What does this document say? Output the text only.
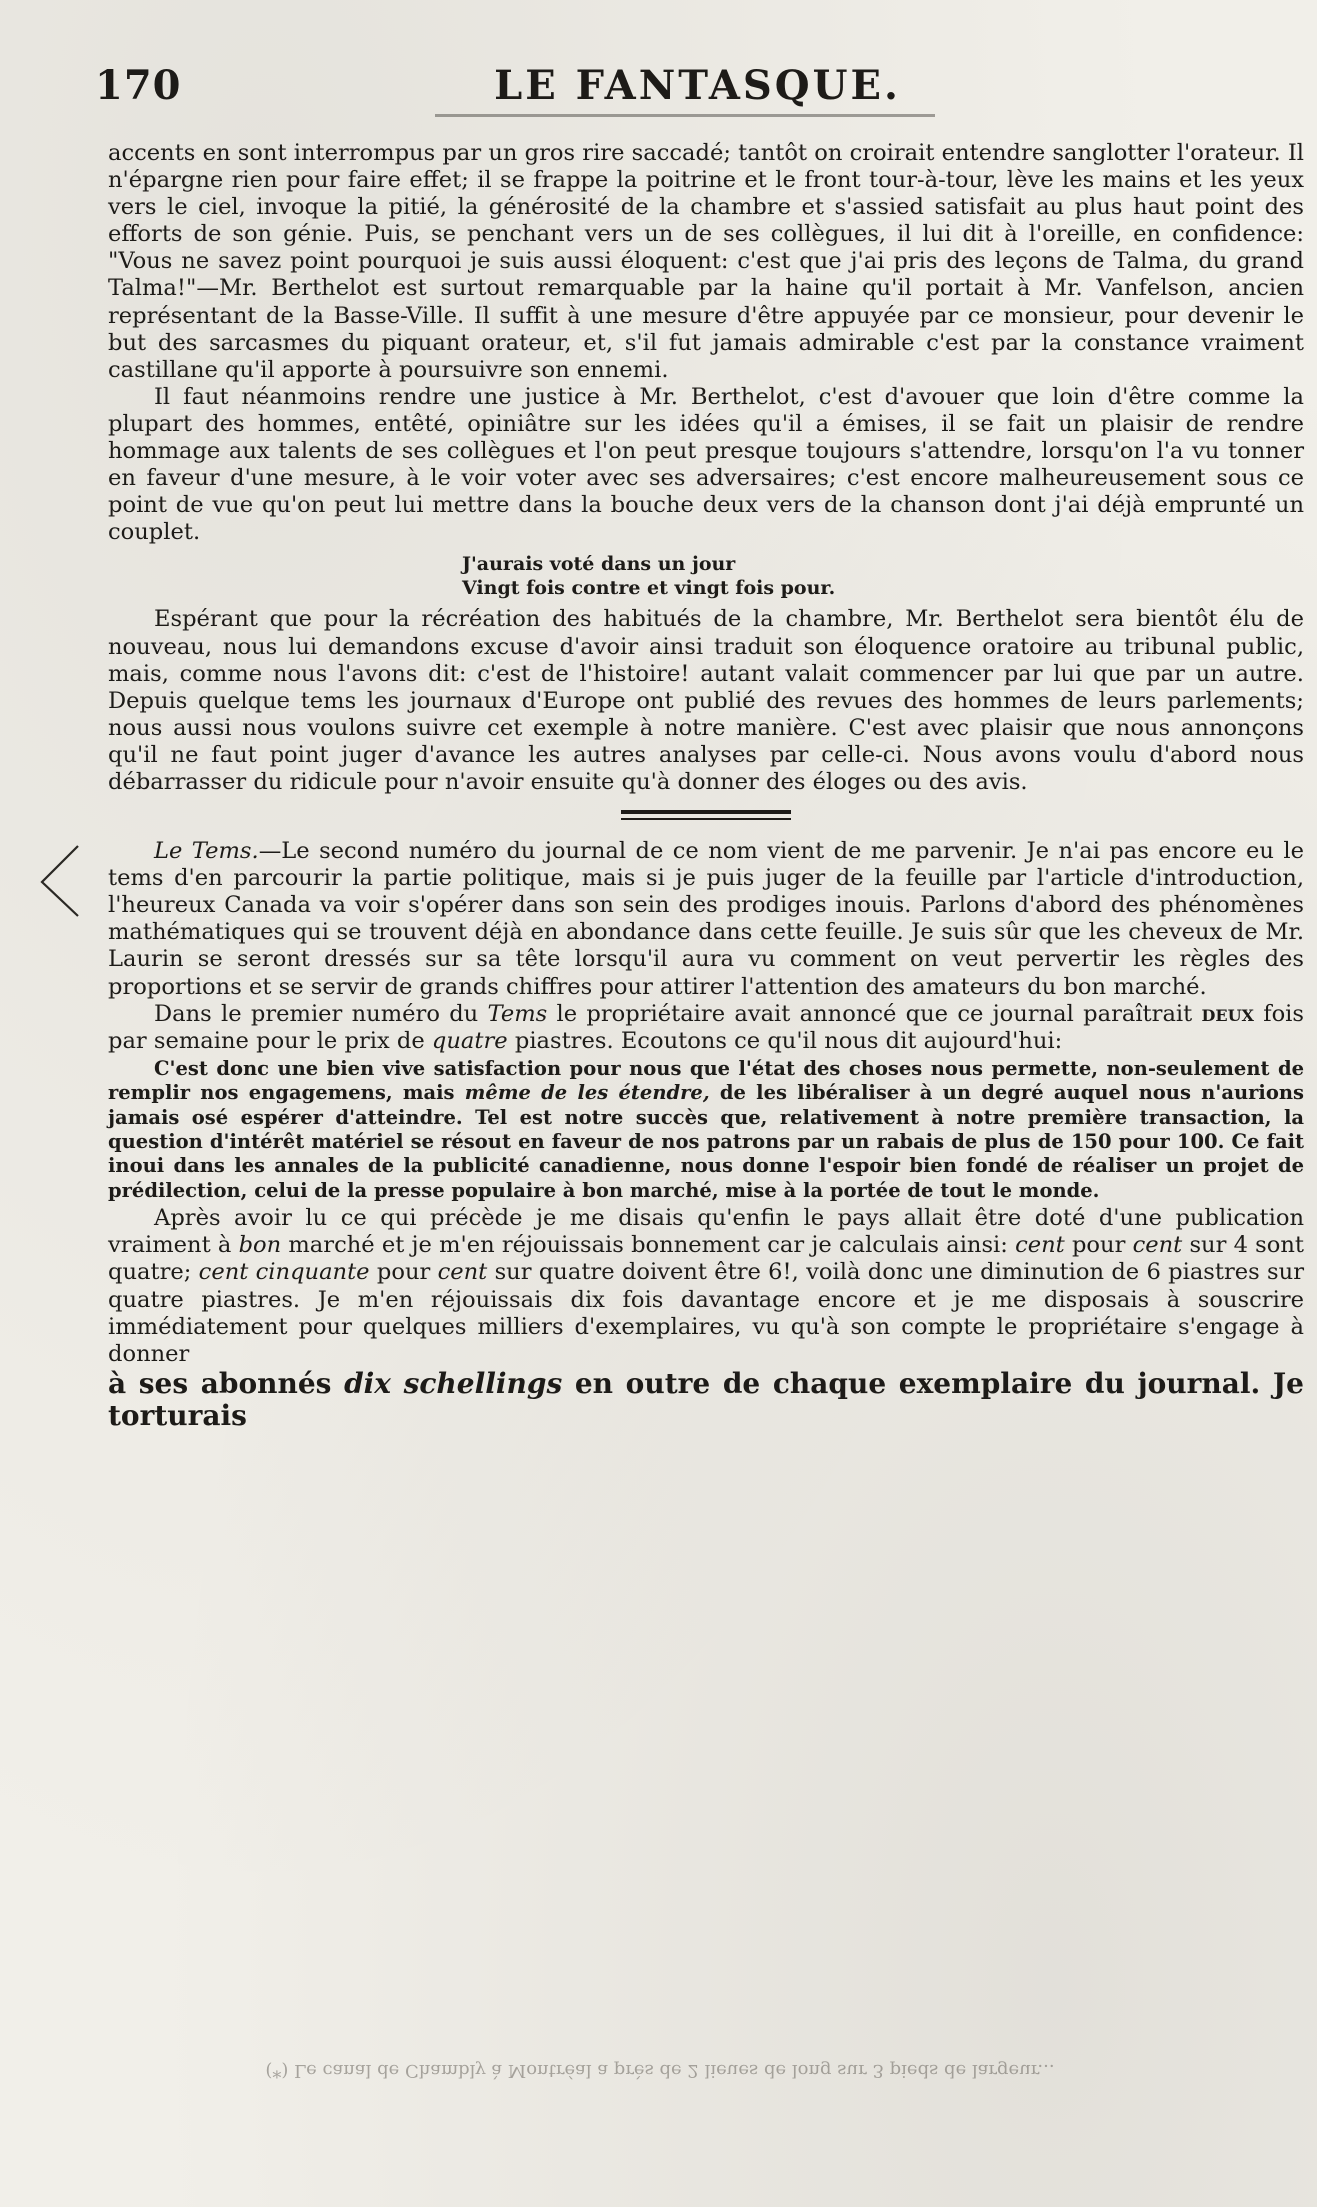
170	LE FANTASQUE.

accents en sont interrompus par un gros rire saccadé; tantôt on croirait entendre sanglotter l'orateur. Il n'épargne rien pour faire effet; il se frappe la poitrine et le front tour-à-tour, lève les mains et les yeux vers le ciel, invoque la pitié, la générosité de la chambre et s'assied satisfait au plus haut point des efforts de son génie. Puis, se penchant vers un de ses collègues, il lui dit à l'oreille, en confidence: "Vous ne savez point pourquoi je suis aussi éloquent: c'est que j'ai pris des leçons de Talma, du grand Talma!"—Mr. Berthelot est surtout remarquable par la haine qu'il portait à Mr. Vanfelson, ancien représentant de la Basse-Ville. Il suffit à une mesure d'être appuyée par ce monsieur, pour devenir le but des sarcasmes du piquant orateur, et, s'il fut jamais admirable c'est par la constance vraiment castillane qu'il apporte à poursuivre son ennemi.

Il faut néanmoins rendre une justice à Mr. Berthelot, c'est d'avouer que loin d'être comme la plupart des hommes, entêté, opiniâtre sur les idées qu'il a émises, il se fait un plaisir de rendre hommage aux talents de ses collègues et l'on peut presque toujours s'attendre, lorsqu'on l'a vu tonner en faveur d'une mesure, à le voir voter avec ses adversaires; c'est encore malheureusement sous ce point de vue qu'on peut lui mettre dans la bouche deux vers de la chanson dont j'ai déjà emprunté un couplet.

J'aurais voté dans un jour
Vingt fois contre et vingt fois pour.

Espérant que pour la récréation des habitués de la chambre, Mr. Berthelot sera bientôt élu de nouveau, nous lui demandons excuse d'avoir ainsi traduit son éloquence oratoire au tribunal public, mais, comme nous l'avons dit: c'est de l'histoire! autant valait commencer par lui que par un autre. Depuis quelque tems les journaux d'Europe ont publié des revues des hommes de leurs parlements; nous aussi nous voulons suivre cet exemple à notre manière. C'est avec plaisir que nous annonçons qu'il ne faut point juger d'avance les autres analyses par celle-ci. Nous avons voulu d'abord nous débarrasser du ridicule pour n'avoir ensuite qu'à donner des éloges ou des avis.

Le Tems.—Le second numéro du journal de ce nom vient de me parvenir. Je n'ai pas encore eu le tems d'en parcourir la partie politique, mais si je puis juger de la feuille par l'article d'introduction, l'heureux Canada va voir s'opérer dans son sein des prodiges inouis. Parlons d'abord des phénomènes mathématiques qui se trouvent déjà en abondance dans cette feuille. Je suis sûr que les cheveux de Mr. Laurin se seront dressés sur sa tête lorsqu'il aura vu comment on veut pervertir les règles des proportions et se servir de grands chiffres pour attirer l'attention des amateurs du bon marché.

Dans le premier numéro du Tems le propriétaire avait annoncé que ce journal paraîtrait deux fois par semaine pour le prix de quatre piastres. Ecoutons ce qu'il nous dit aujourd'hui:

C'est donc une bien vive satisfaction pour nous que l'état des choses nous permette, non-seulement de remplir nos engagemens, mais même de les étendre, de les libéraliser à un degré auquel nous n'aurions jamais osé espérer d'atteindre. Tel est notre succès que, relativement à notre première transaction, la question d'intérêt matériel se résout en faveur de nos patrons par un rabais de plus de 150 pour 100. Ce fait inoui dans les annales de la publicité canadienne, nous donne l'espoir bien fondé de réaliser un projet de prédilection, celui de la presse populaire à bon marché, mise à la portée de tout le monde.

Après avoir lu ce qui précède je me disais qu'enfin le pays allait être doté d'une publication vraiment à bon marché et je m'en réjouissais bonnement car je calculais ainsi: cent pour cent sur 4 sont quatre; cent cinquante pour cent sur quatre doivent être 6!, voilà donc une diminution de 6 piastres sur quatre piastres. Je m'en réjouissais dix fois davantage encore et je me disposais à souscrire immédiatement pour quelques milliers d'exemplaires, vu qu'à son compte le propriétaire s'engage à donner

à ses abonnés dix schellings en outre de chaque exemplaire du journal. Je torturais

(*) Le canal de Chambly à Montréal a près de 2 lieues de long sur 3 pieds de largeur...
